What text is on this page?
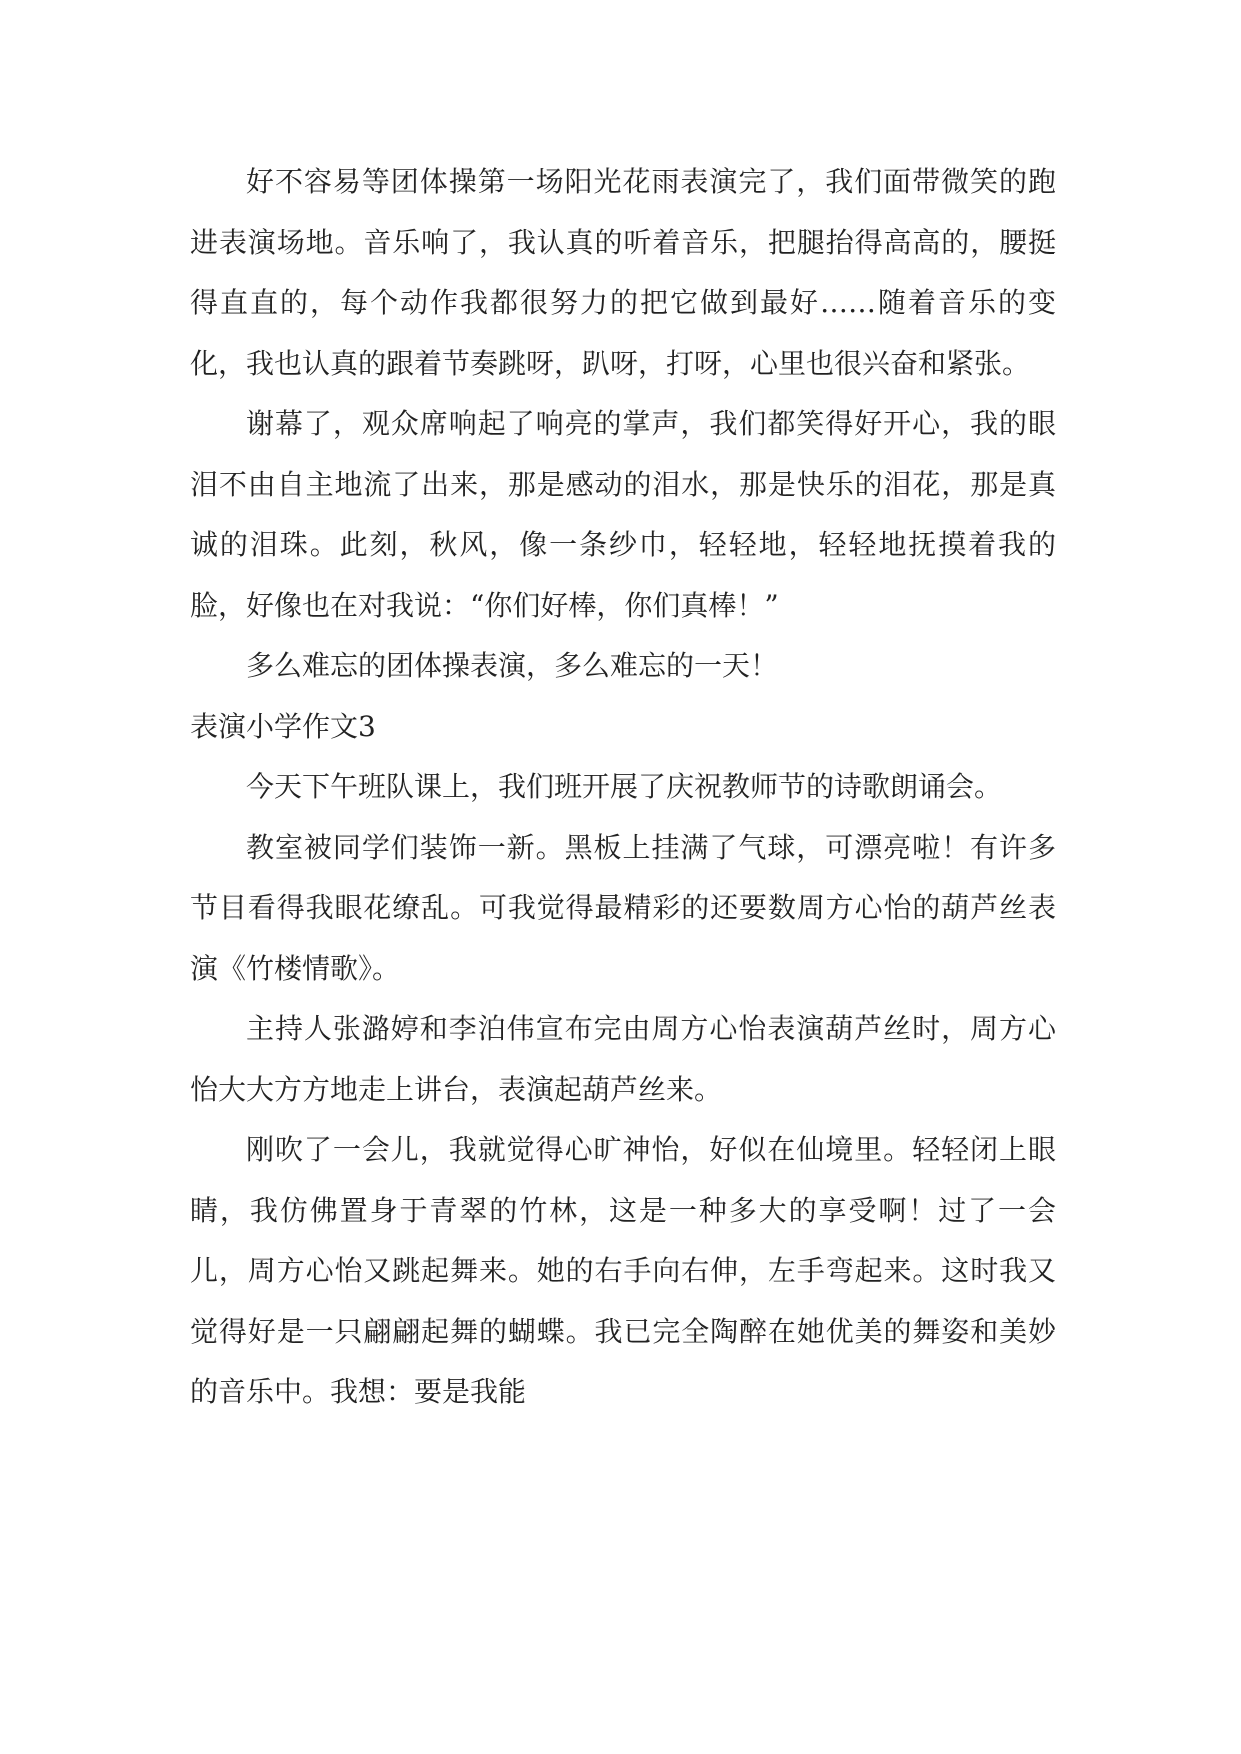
好不容易等团体操第一场阳光花雨表演完了，我们面带微笑的跑进表演场地。音乐响了，我认真的听着音乐，把腿抬得高高的，腰挺得直直的，每个动作我都很努力的把它做到最好……随着音乐的变化，我也认真的跟着节奏跳呀，趴呀，打呀，心里也很兴奋和紧张。

谢幕了，观众席响起了响亮的掌声，我们都笑得好开心，我的眼泪不由自主地流了出来，那是感动的泪水，那是快乐的泪花，那是真诚的泪珠。此刻，秋风，像一条纱巾，轻轻地，轻轻地抚摸着我的脸，好像也在对我说：“你们好棒，你们真棒！”

多么难忘的团体操表演，多么难忘的一天！

表演小学作文3

今天下午班队课上，我们班开展了庆祝教师节的诗歌朗诵会。

教室被同学们装饰一新。黑板上挂满了气球，可漂亮啦！有许多节目看得我眼花缭乱。可我觉得最精彩的还要数周方心怡的葫芦丝表演《竹楼情歌》。

主持人张潞婷和李泊伟宣布完由周方心怡表演葫芦丝时，周方心怡大大方方地走上讲台，表演起葫芦丝来。

刚吹了一会儿，我就觉得心旷神怡，好似在仙境里。轻轻闭上眼睛，我仿佛置身于青翠的竹林，这是一种多大的享受啊！过了一会儿，周方心怡又跳起舞来。她的右手向右伸，左手弯起来。这时我又觉得好是一只翩翩起舞的蝴蝶。我已完全陶醉在她优美的舞姿和美妙的音乐中。我想：要是我能
